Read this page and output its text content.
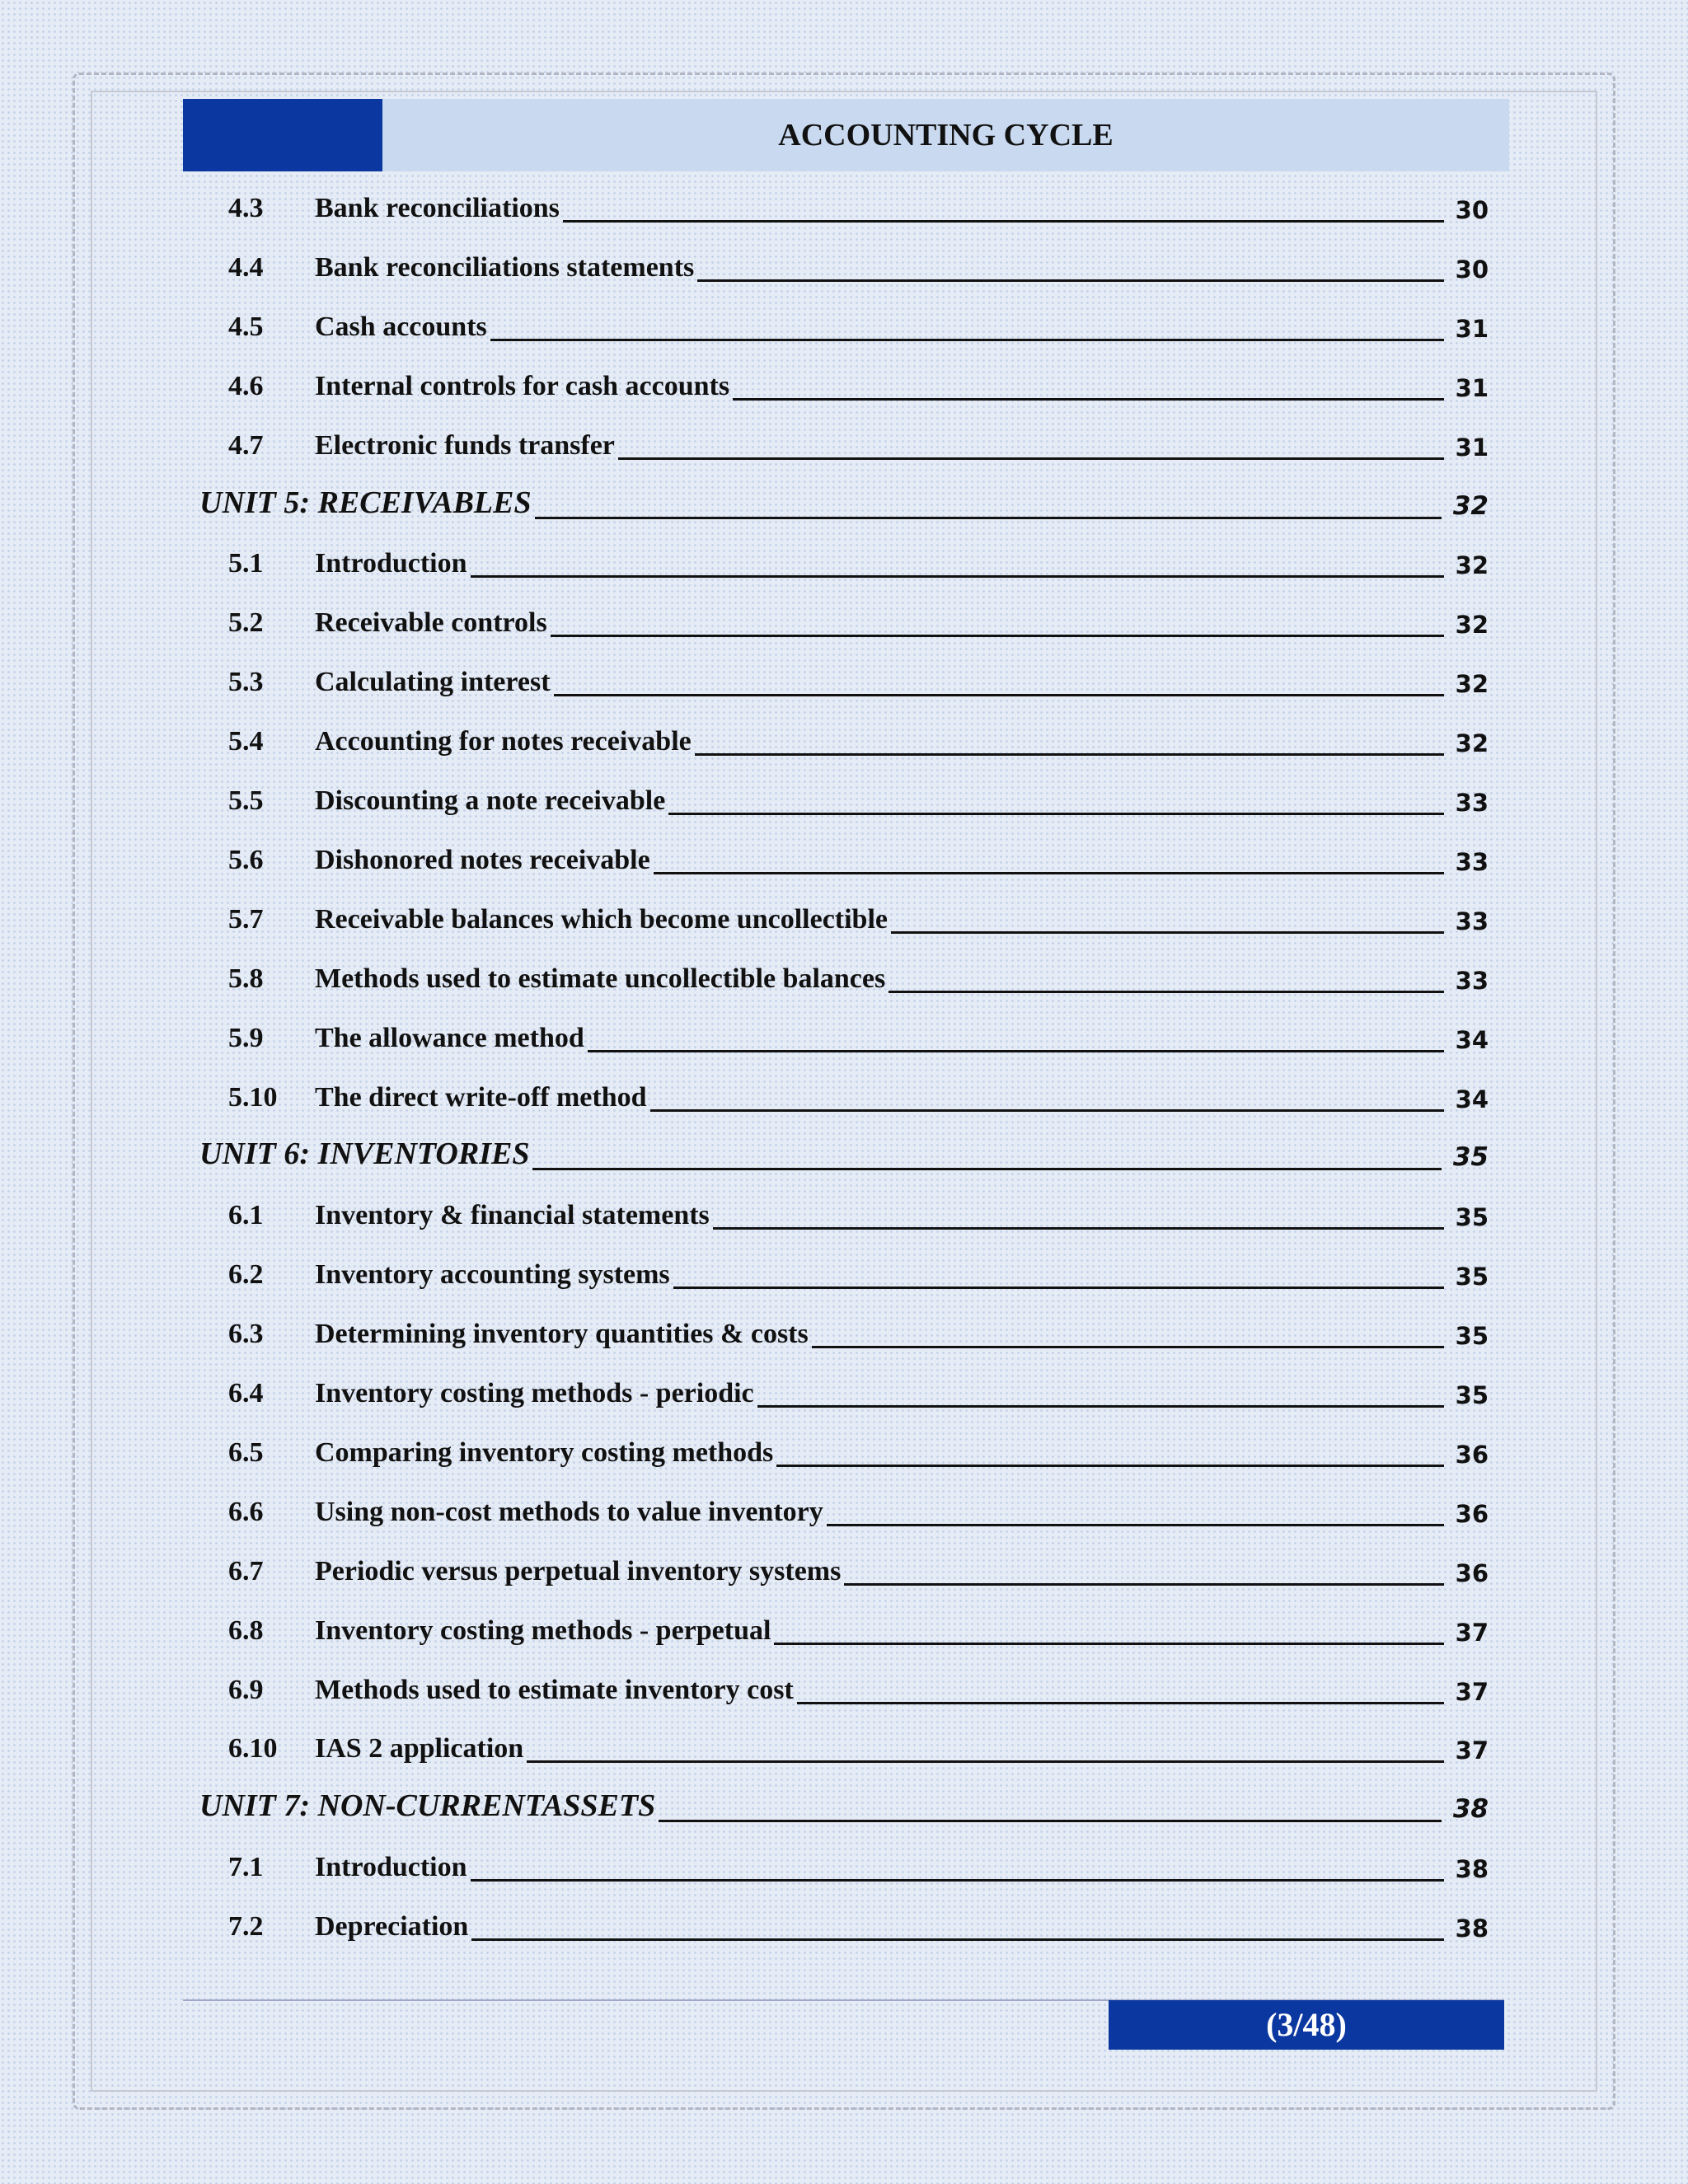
ACCOUNTING CYCLE
4.3 Bank reconciliations	30
4.4 Bank reconciliations statements	30
4.5 Cash accounts	31
4.6 Internal controls for cash accounts	31
4.7 Electronic funds transfer	31
UNIT 5: RECEIVABLES	32
5.1 Introduction	32
5.2 Receivable controls	32
5.3 Calculating interest	32
5.4 Accounting for notes receivable	32
5.5 Discounting a note receivable	33
5.6 Dishonored notes receivable	33
5.7 Receivable balances which become uncollectible	33
5.8 Methods used to estimate uncollectible balances	33
5.9 The allowance method	34
5.10 The direct write-off method	34
UNIT 6: INVENTORIES	35
6.1 Inventory & financial statements	35
6.2 Inventory accounting systems	35
6.3 Determining inventory quantities & costs	35
6.4 Inventory costing methods - periodic	35
6.5 Comparing inventory costing methods	36
6.6 Using non-cost methods to value inventory	36
6.7 Periodic versus perpetual inventory systems	36
6.8 Inventory costing methods - perpetual	37
6.9 Methods used to estimate inventory cost	37
6.10 IAS 2 application	37
UNIT 7: NON-CURRENTASSETS	38
7.1 Introduction	38
7.2 Depreciation	38
(3/48)
